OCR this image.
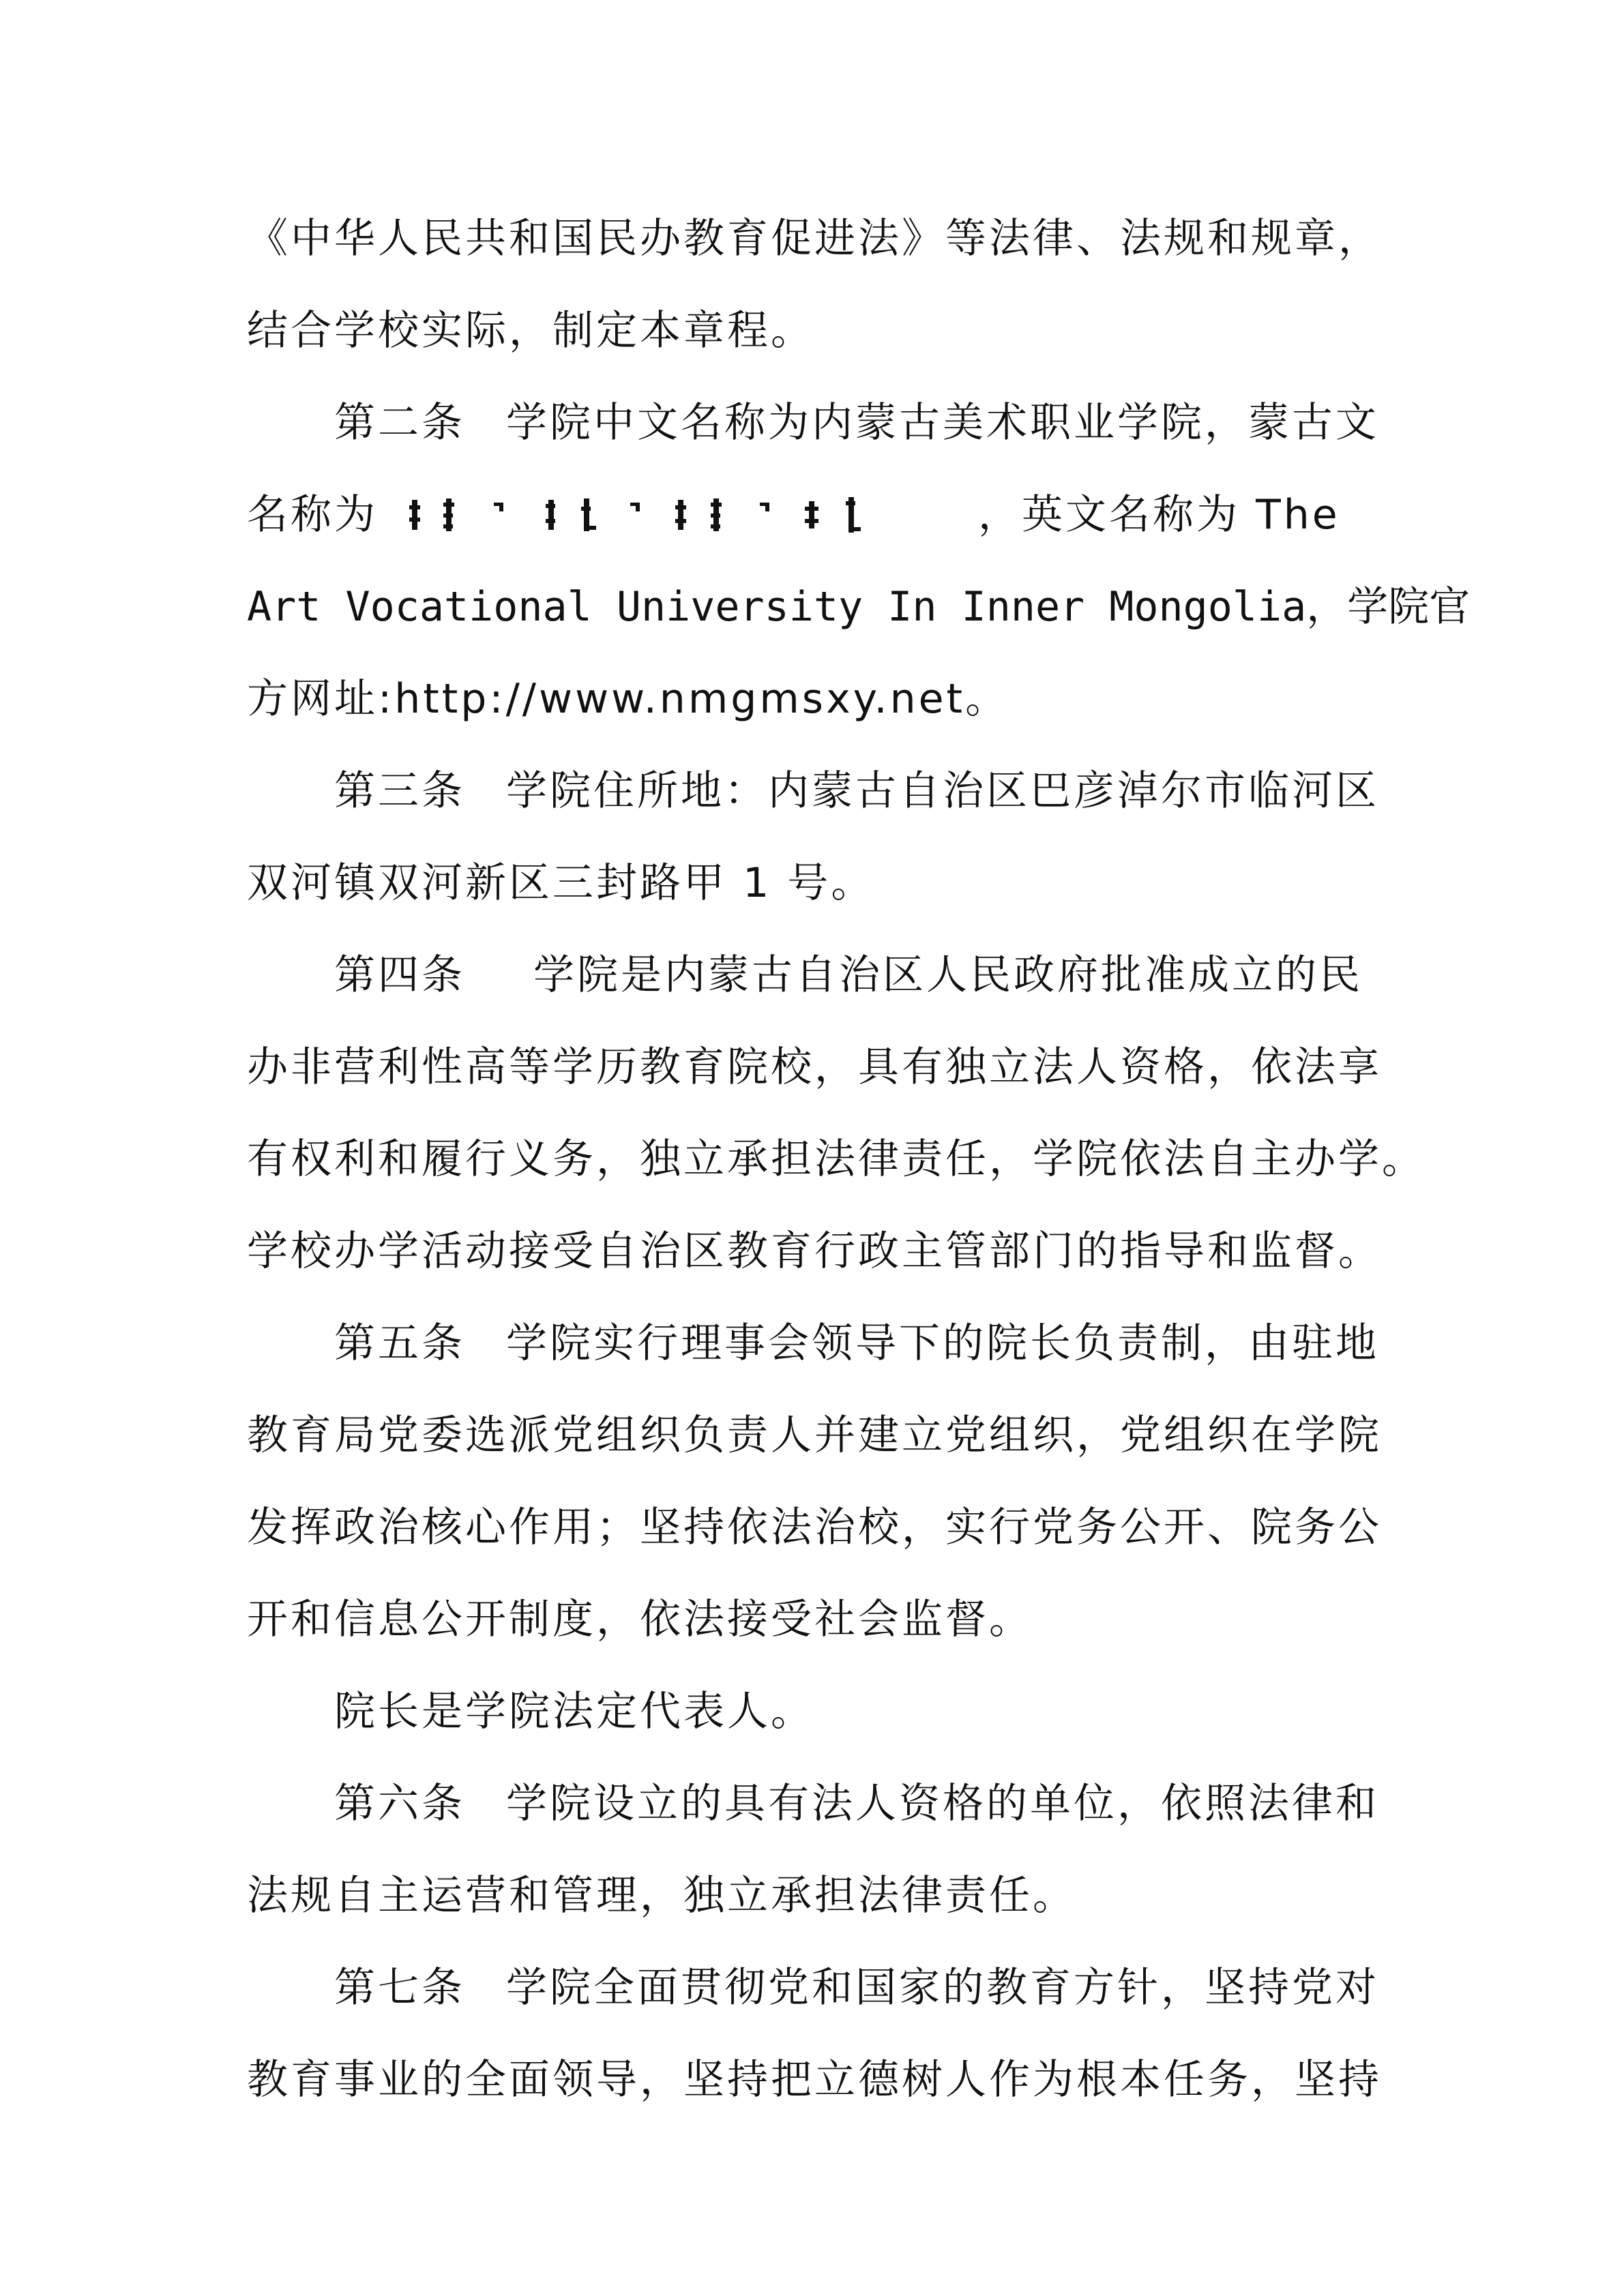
《中华人民共和国民办教育促进法》等法律、法规和规章，
结合学校实际，制定本章程。
第二条 学院中文名称为内蒙古美术职业学院，蒙古文
名称为	，英文名称为 The
Art Vocational University In Inner Mongolia，学院官
方网址:http://www.nmgmsxy.net。
第三条 学院住所地：内蒙古自治区巴彦淖尔市临河区
双河镇双河新区三封路甲 1 号。
第四条 学院是内蒙古自治区人民政府批准成立的民
办非营利性高等学历教育院校，具有独立法人资格，依法享
有权利和履行义务，独立承担法律责任，学院依法自主办学。
学校办学活动接受自治区教育行政主管部门的指导和监督。
第五条 学院实行理事会领导下的院长负责制，由驻地
教育局党委选派党组织负责人并建立党组织，党组织在学院
发挥政治核心作用；坚持依法治校，实行党务公开、院务公
开和信息公开制度，依法接受社会监督。
院长是学院法定代表人。
第六条 学院设立的具有法人资格的单位，依照法律和
法规自主运营和管理，独立承担法律责任。
第七条 学院全面贯彻党和国家的教育方针，坚持党对
教育事业的全面领导，坚持把立德树人作为根本任务，坚持
